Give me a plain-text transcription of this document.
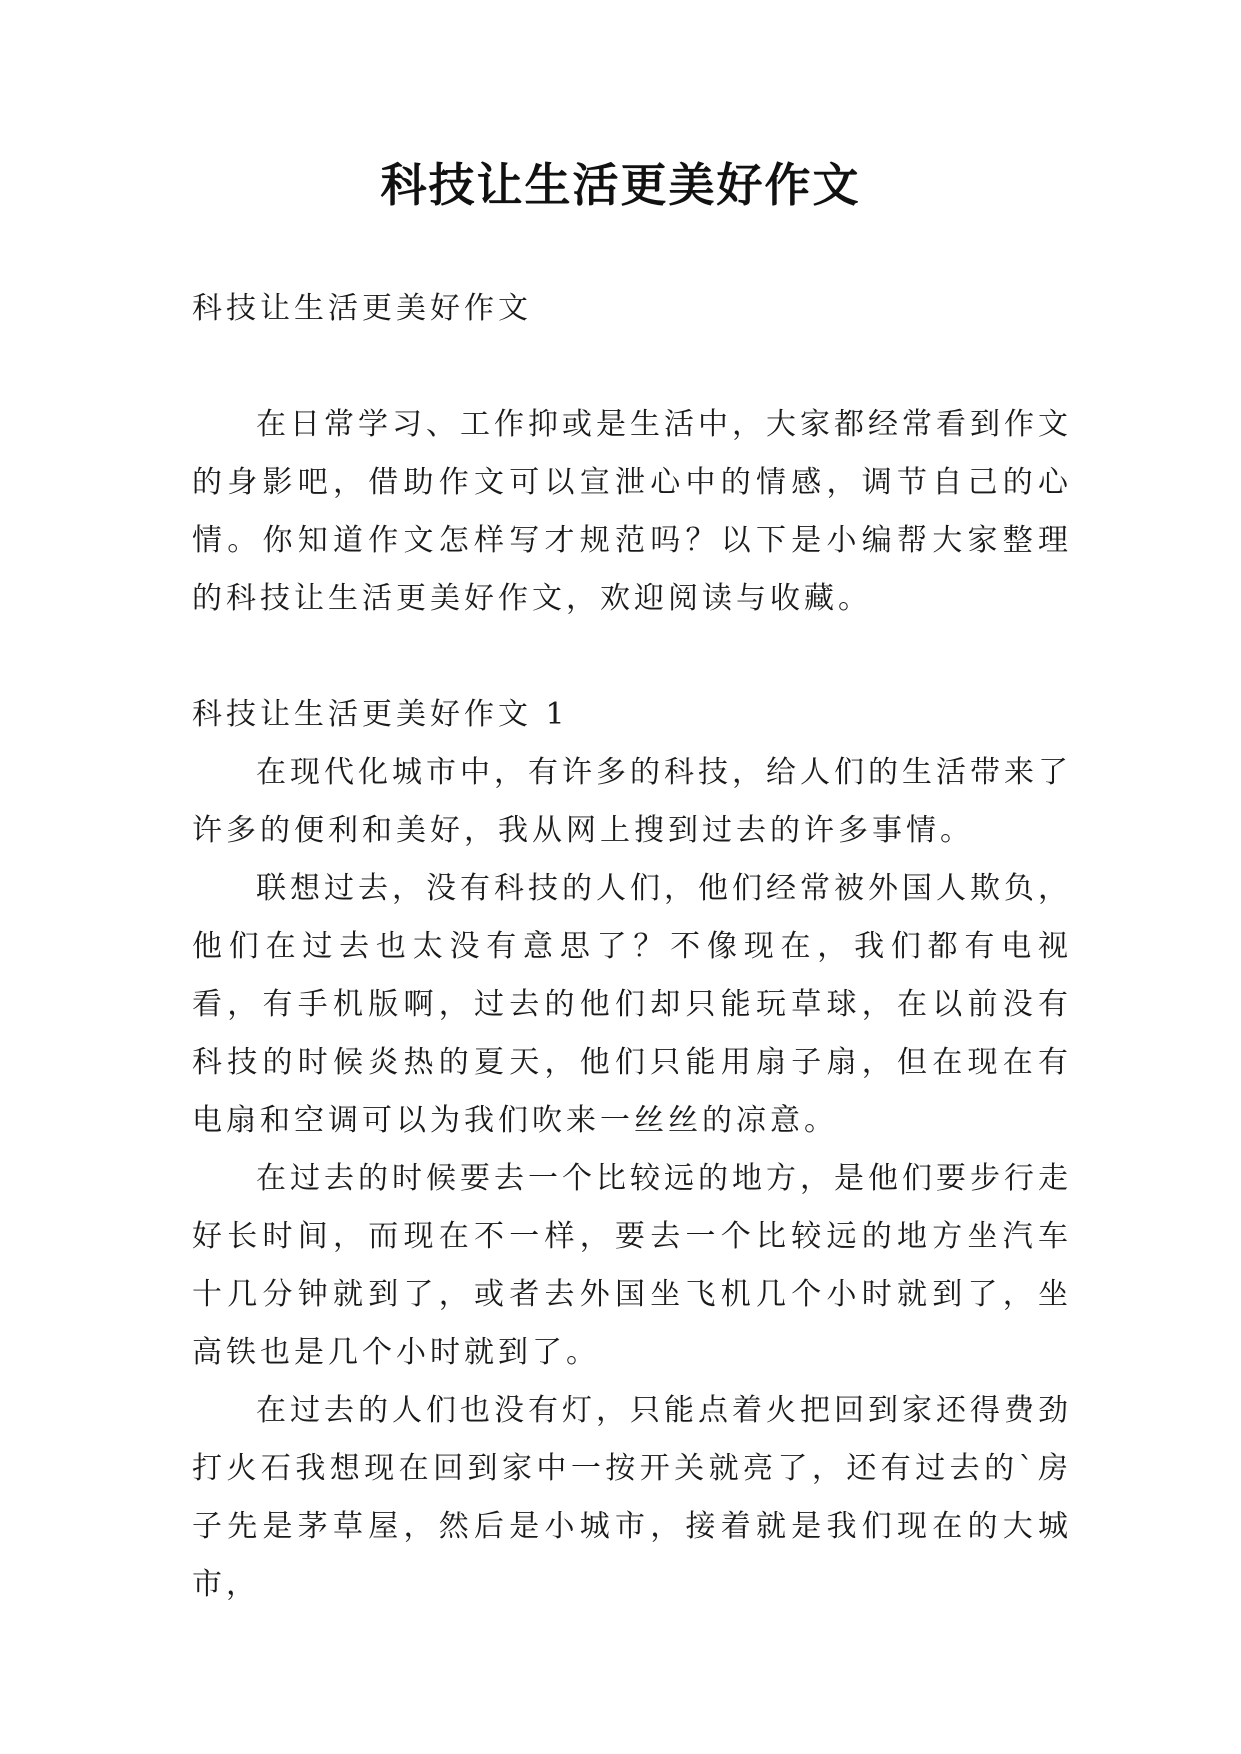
科技让生活更美好作文

科技让生活更美好作文

在日常学习、工作抑或是生活中，大家都经常看到作文的身影吧，借助作文可以宣泄心中的情感，调节自己的心情。你知道作文怎样写才规范吗？以下是小编帮大家整理的科技让生活更美好作文，欢迎阅读与收藏。

科技让生活更美好作文 1

在现代化城市中，有许多的科技，给人们的生活带来了许多的便利和美好，我从网上搜到过去的许多事情。

联想过去，没有科技的人们，他们经常被外国人欺负，他们在过去也太没有意思了？不像现在，我们都有电视看，有手机版啊，过去的他们却只能玩草球，在以前没有科技的时候炎热的夏天，他们只能用扇子扇，但在现在有电扇和空调可以为我们吹来一丝丝的凉意。

在过去的时候要去一个比较远的地方，是他们要步行走好长时间，而现在不一样，要去一个比较远的地方坐汽车十几分钟就到了，或者去外国坐飞机几个小时就到了，坐高铁也是几个小时就到了。

在过去的人们也没有灯，只能点着火把回到家还得费劲打火石我想现在回到家中一按开关就亮了，还有过去的`房子先是茅草屋，然后是小城市，接着就是我们现在的大城市，
